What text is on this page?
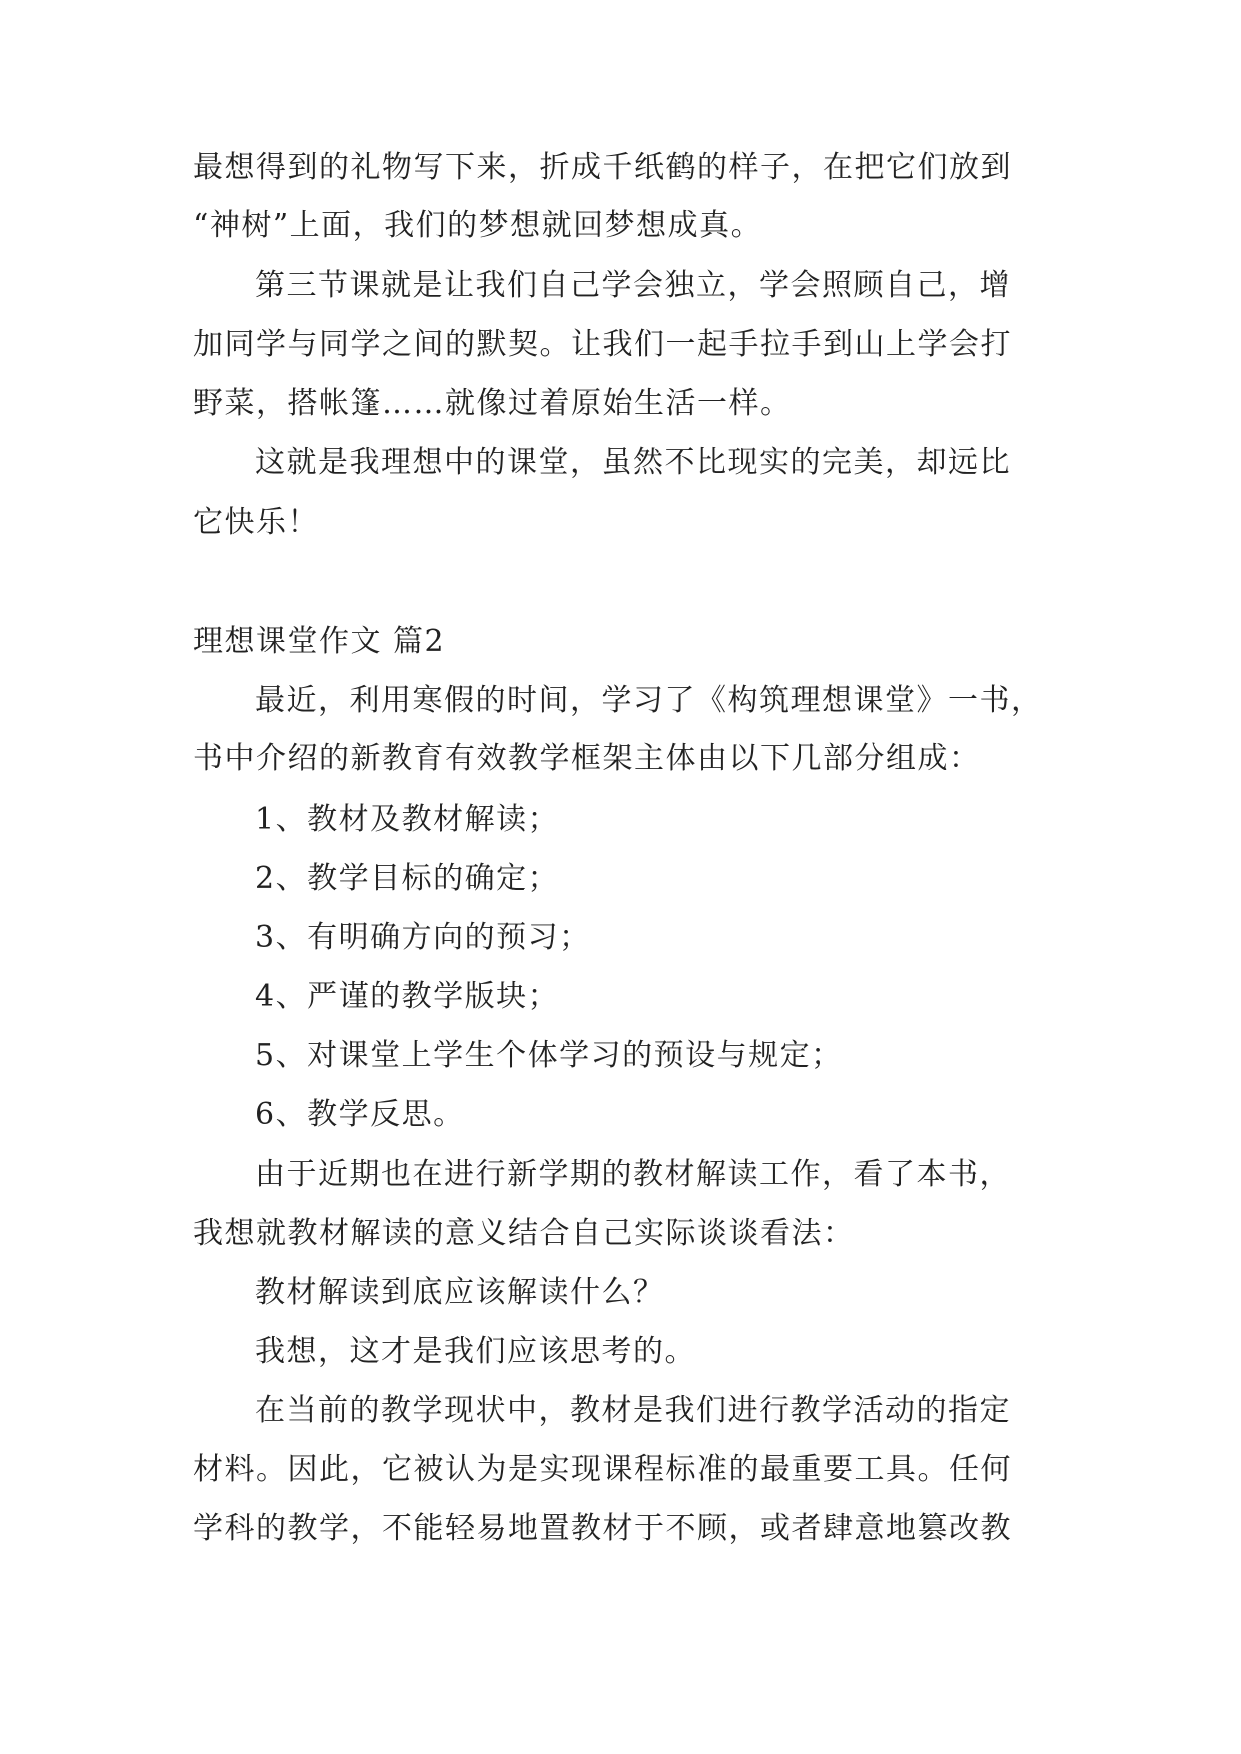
最想得到的礼物写下来，折成千纸鹤的样子，在把它们放到
“神树”上面，我们的梦想就回梦想成真。
第三节课就是让我们自己学会独立，学会照顾自己，增
加同学与同学之间的默契。让我们一起手拉手到山上学会打
野菜，搭帐篷……就像过着原始生活一样。
这就是我理想中的课堂，虽然不比现实的完美，却远比
它快乐！
理想课堂作文 篇2
最近，利用寒假的时间，学习了《构筑理想课堂》一书，
书中介绍的新教育有效教学框架主体由以下几部分组成：
1、教材及教材解读；
2、教学目标的确定；
3、有明确方向的预习；
4、严谨的教学版块；
5、对课堂上学生个体学习的预设与规定；
6、教学反思。
由于近期也在进行新学期的教材解读工作，看了本书，
我想就教材解读的意义结合自己实际谈谈看法：
教材解读到底应该解读什么？
我想，这才是我们应该思考的。
在当前的教学现状中，教材是我们进行教学活动的指定
材料。因此，它被认为是实现课程标准的最重要工具。任何
学科的教学，不能轻易地置教材于不顾，或者肆意地篡改教
